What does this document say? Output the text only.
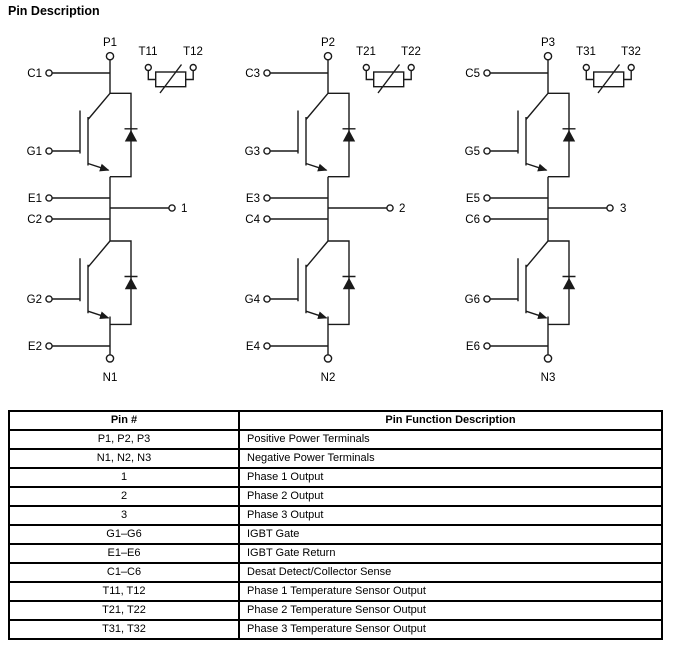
Pin Description
P1
T11 T12
C1
G1
E1
C2
G2
E2
1
N1
P2
T21 T22
C3
G3
E3
C4
G4
E4
2
N2
P3
T31 T32
C5
G5
E5
C6
G6
E6
3
N3
Pin #	Pin Function Description
P1, P2, P3	Positive Power Terminals
N1, N2, N3	Negative Power Terminals
1	Phase 1 Output
2	Phase 2 Output
3	Phase 3 Output
G1–G6	IGBT Gate
E1–E6	IGBT Gate Return
C1–C6	Desat Detect/Collector Sense
T11, T12	Phase 1 Temperature Sensor Output
T21, T22	Phase 2 Temperature Sensor Output
T31, T32	Phase 3 Temperature Sensor Output
